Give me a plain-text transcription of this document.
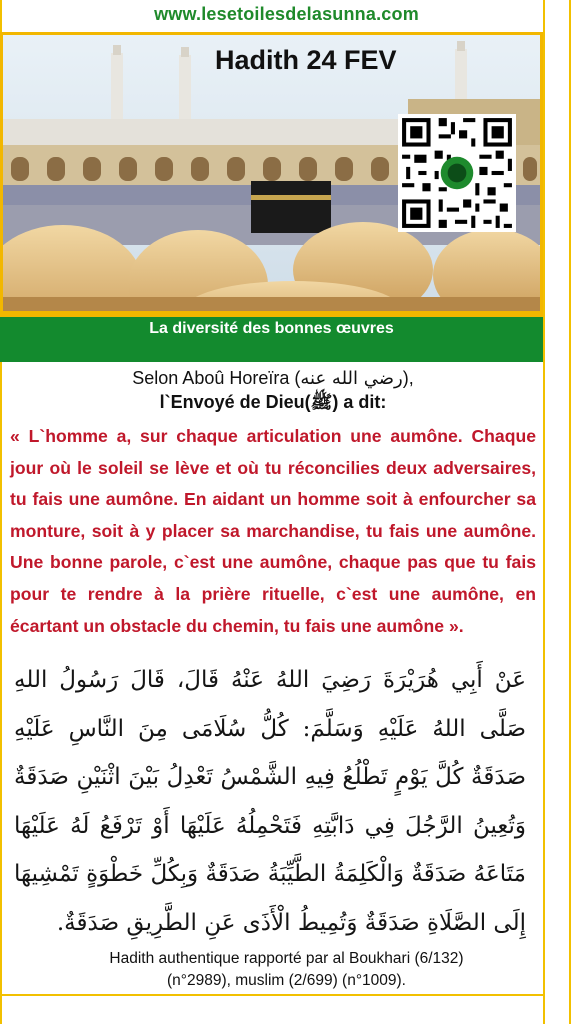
www.lesetoilesdelasunna.com
Hadith 24 FEV
La diversité des bonnes œuvres
Selon Aboû Horeïra (رضي الله عنه),
l`Envoyé de Dieu(ﷺ) a dit:
« L`homme a, sur chaque articulation une aumône. Chaque jour où le soleil se lève et où tu réconcilies deux adversaires, tu fais une aumône. En aidant un homme soit à enfourcher sa monture, soit à y placer sa marchandise, tu fais une aumône. Une bonne parole, c`est une aumône, chaque pas que tu fais pour te rendre à la prière rituelle, c`est une aumône, en écartant un obstacle du chemin, tu fais une aumône ».
عَنْ أَبِي هُرَيْرَةَ رَضِيَ اللهُ عَنْهُ قَالَ، قَالَ رَسُولُ اللهِ صَلَّى اللهُ عَلَيْهِ وَسَلَّمَ: كُلُّ سُلَامَى مِنَ النَّاسِ عَلَيْهِ صَدَقَةٌ كُلَّ يَوْمٍ تَطْلُعُ فِيهِ الشَّمْسُ تَعْدِلُ بَيْنَ اثْنَيْنِ صَدَقَةٌ وَتُعِينُ الرَّجُلَ فِي دَابَّتِهِ فَتَحْمِلُهُ عَلَيْهَا أَوْ تَرْفَعُ لَهُ عَلَيْهَا مَتَاعَهُ صَدَقَةٌ وَالْكَلِمَةُ الطَّيِّبَةُ صَدَقَةٌ وَبِكُلِّ خَطْوَةٍ تَمْشِيهَا إِلَى الصَّلَاةِ صَدَقَةٌ وَتُمِيطُ الْأَذَى عَنِ الطَّرِيقِ صَدَقَةٌ.
Hadith authentique rapporté par al Boukhari (6/132)
(n°2989), muslim (2/699) (n°1009).
